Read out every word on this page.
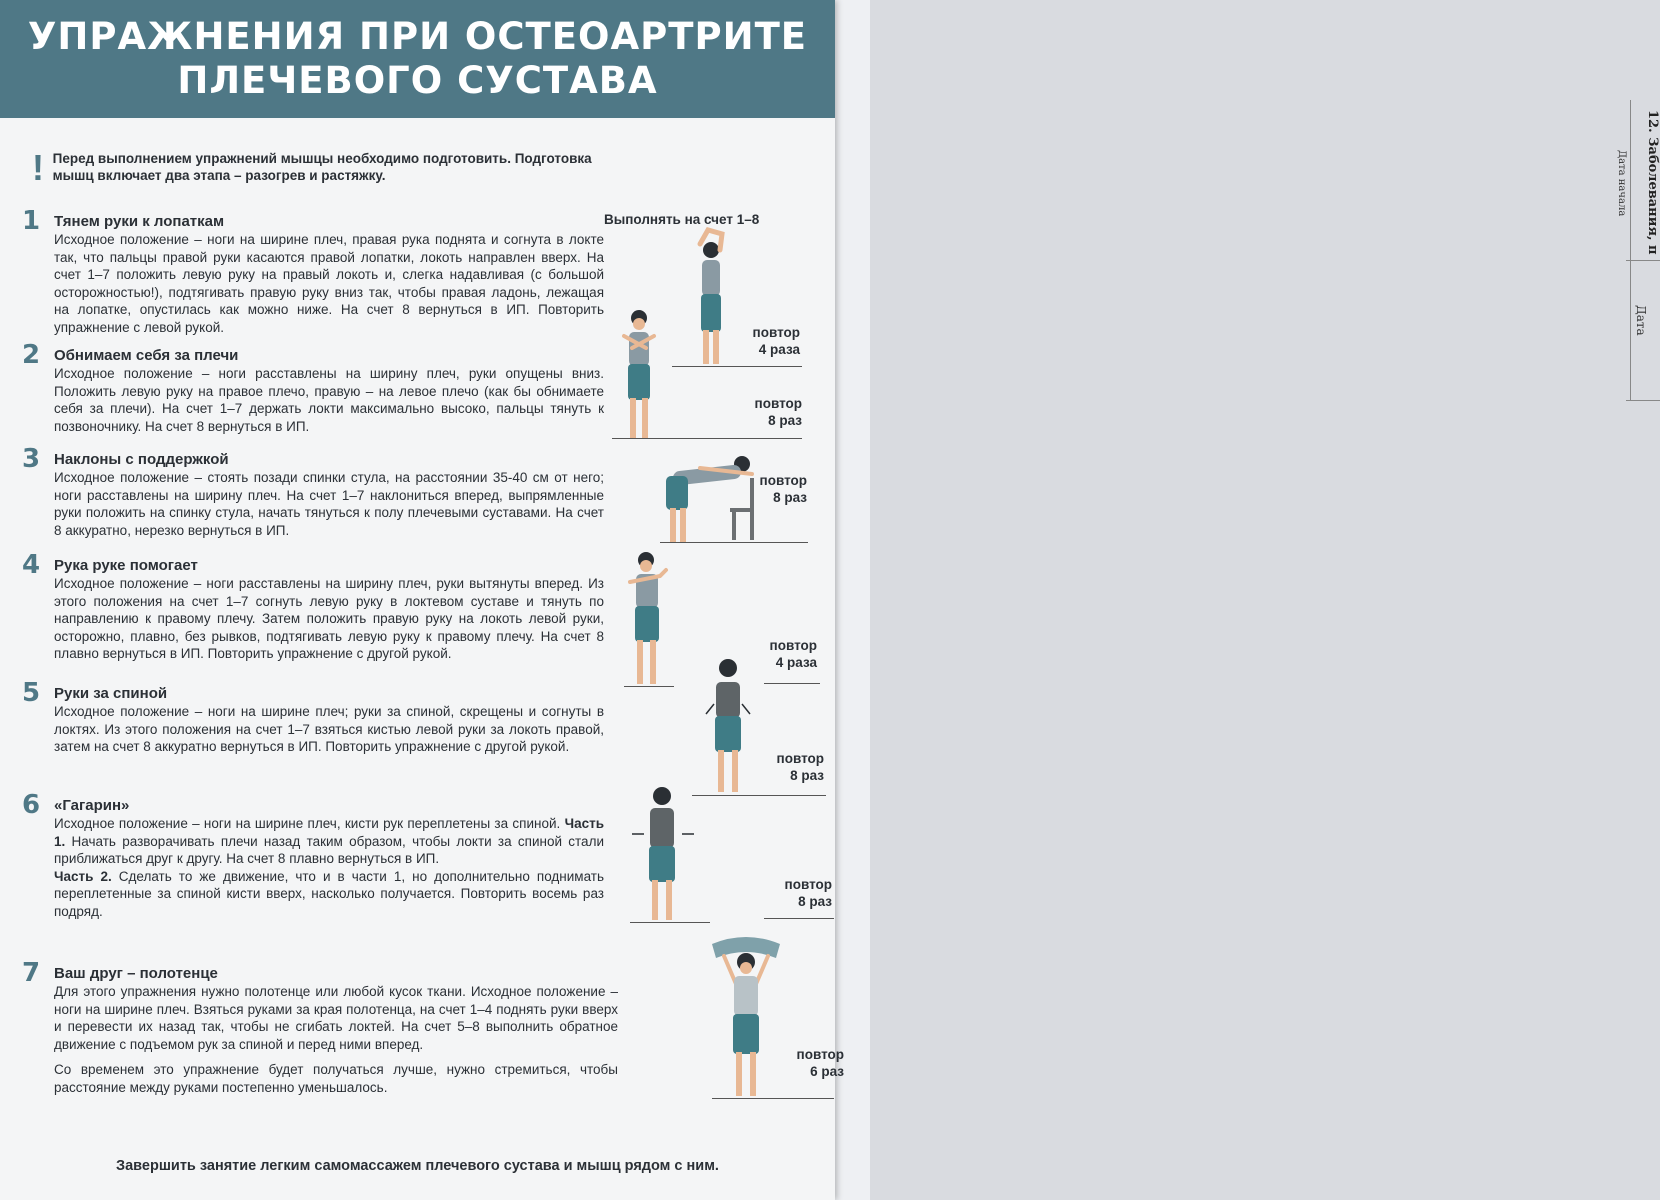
12. Заболевания, п
Дата начала
Дата
УПРАЖНЕНИЯ ПРИ ОСТЕОАРТРИТЕ
ПЛЕЧЕВОГО СУСТАВА
! Перед выполнением упражнений мышцы необходимо подготовить. Подготовка мышц включает два этапа – разогрев и растяжку.

Выполнять на счет 1–8
1 Тянем руки к лопаткам
Исходное положение – ноги на ширине плеч, правая рука поднята и согнута в локте так, что пальцы правой руки касаются правой лопатки, локоть направлен вверх. На счет 1–7 положить левую руку на правый локоть и, слегка надавливая (с большой осторожностью!), подтягивать правую руку вниз так, чтобы правая ладонь, лежащая на лопатке, опустилась как можно ниже. На счет 8 вернуться в ИП. Повторить упражнение с левой рукой.
2 Обнимаем себя за плечи
Исходное положение – ноги расставлены на ширину плеч, руки опущены вниз. Положить левую руку на правое плечо, правую – на левое плечо (как бы обнимаете себя за плечи). На счет 1–7 держать локти максимально высоко, пальцы тянуть к позвоночнику. На счет 8 вернуться в ИП.
3 Наклоны с поддержкой
Исходное положение – стоять позади спинки стула, на расстоянии 35-40 см от него; ноги расставлены на ширину плеч. На счет 1–7 наклониться вперед, выпрямленные руки положить на спинку стула, начать тянуться к полу плечевыми суставами. На счет 8 аккуратно, нерезко вернуться в ИП.
4 Рука руке помогает
Исходное положение – ноги расставлены на ширину плеч, руки вытянуты вперед. Из этого положения на счет 1–7 согнуть левую руку в локтевом суставе и тянуть по направлению к правому плечу. Затем положить правую руку на локоть левой руки, осторожно, плавно, без рывков, подтягивать левую руку к правому плечу. На счет 8 плавно вернуться в ИП. Повторить упражнение с другой рукой.
5 Руки за спиной
Исходное положение – ноги на ширине плеч; руки за спиной, скрещены и согнуты в локтях. Из этого положения на счет 1–7 взяться кистью левой руки за локоть правой, затем на счет 8 аккуратно вернуться в ИП. Повторить упражнение с другой рукой.
6 «Гагарин»
Исходное положение – ноги на ширине плеч, кисти рук переплетены за спиной. Часть 1. Начать разворачивать плечи назад таким образом, чтобы локти за спиной стали приближаться друг к другу. На счет 8 плавно вернуться в ИП.
Часть 2. Сделать то же движение, что и в части 1, но дополнительно поднимать переплетенные за спиной кисти вверх, насколько получается. Повторить восемь раз подряд.
7 Ваш друг – полотенце
Для этого упражнения нужно полотенце или любой кусок ткани. Исходное положение – ноги на ширине плеч. Взяться руками за края полотенца, на счет 1–4 поднять руки вверх и перевести их назад так, чтобы не сгибать локтей. На счет 5–8 выполнить обратное движение с подъемом рук за спиной и перед ними вперед.
Со временем это упражнение будет получаться лучше, нужно стремиться, чтобы расстояние между руками постепенно уменьшалось.
повтор
4 раза
повтор
8 раз
повтор
8 раз
повтор
4 раза
повтор
8 раз
повтор
8 раз
повтор
6 раз
Завершить занятие легким самомассажем плечевого сустава и мышц рядом с ним.
